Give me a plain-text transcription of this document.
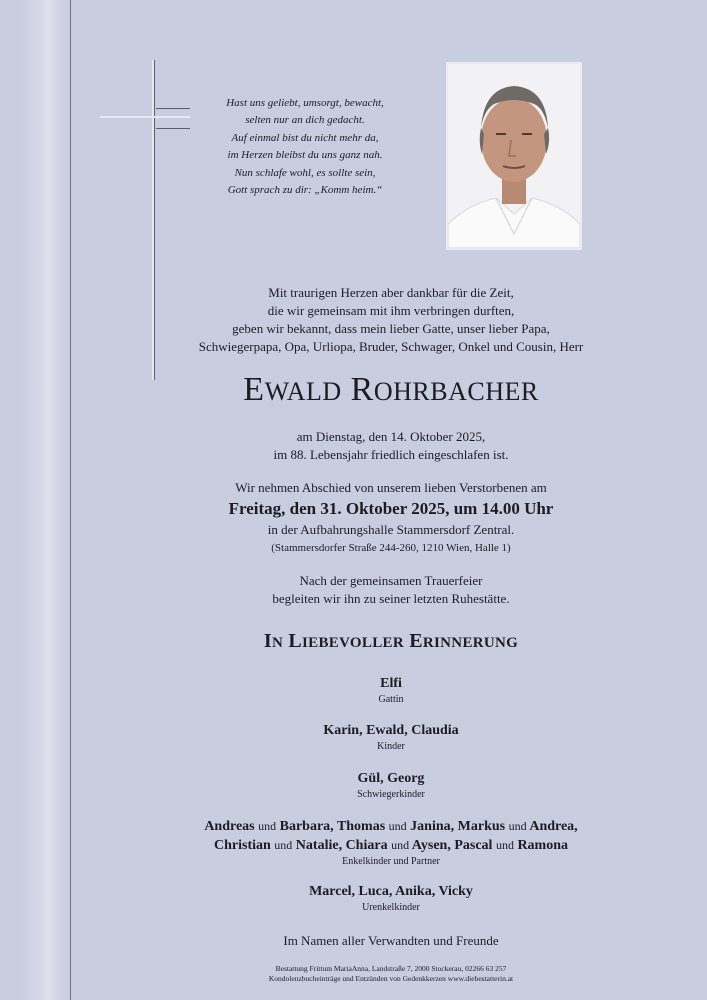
Hast uns geliebt, umsorgt, bewacht,
selten nur an dich gedacht.
Auf einmal bist du nicht mehr da,
im Herzen bleibst du uns ganz nah.
Nun schlafe wohl, es sollte sein,
Gott sprach zu dir: „Komm heim.“
Mit traurigen Herzen aber dankbar für die Zeit,
die wir gemeinsam mit ihm verbringen durften,
geben wir bekannt, dass mein lieber Gatte, unser lieber Papa,
Schwiegerpapa, Opa, Urliopa, Bruder, Schwager, Onkel und Cousin, Herr
EWALD ROHRBACHER
am Dienstag, den 14. Oktober 2025,
im 88. Lebensjahr friedlich eingeschlafen ist.
Wir nehmen Abschied von unserem lieben Verstorbenen am
Freitag, den 31. Oktober 2025, um 14.00 Uhr
in der Aufbahrungshalle Stammersdorf Zentral.
(Stammersdorfer Straße 244-260, 1210 Wien, Halle 1)
Nach der gemeinsamen Trauerfeier
begleiten wir ihn zu seiner letzten Ruhestätte.
IN LIEBEVOLLER ERINNERUNG
Elfi
Gattin
Karin, Ewald, Claudia
Kinder
Gül, Georg
Schwiegerkinder
Andreas und Barbara, Thomas und Janina, Markus und Andrea,
Christian und Natalie, Chiara und Aysen, Pascal und Ramona
Enkelkinder und Partner
Marcel, Luca, Anika, Vicky
Urenkelkinder
Im Namen aller Verwandten und Freunde
Bestattung Frittum MariaAnna, Landstraße 7, 2000 Stockerau, 02266 63 257
Kondolenzbucheinträge und Entzünden von Gedenkkerzen www.diebestatterin.at
